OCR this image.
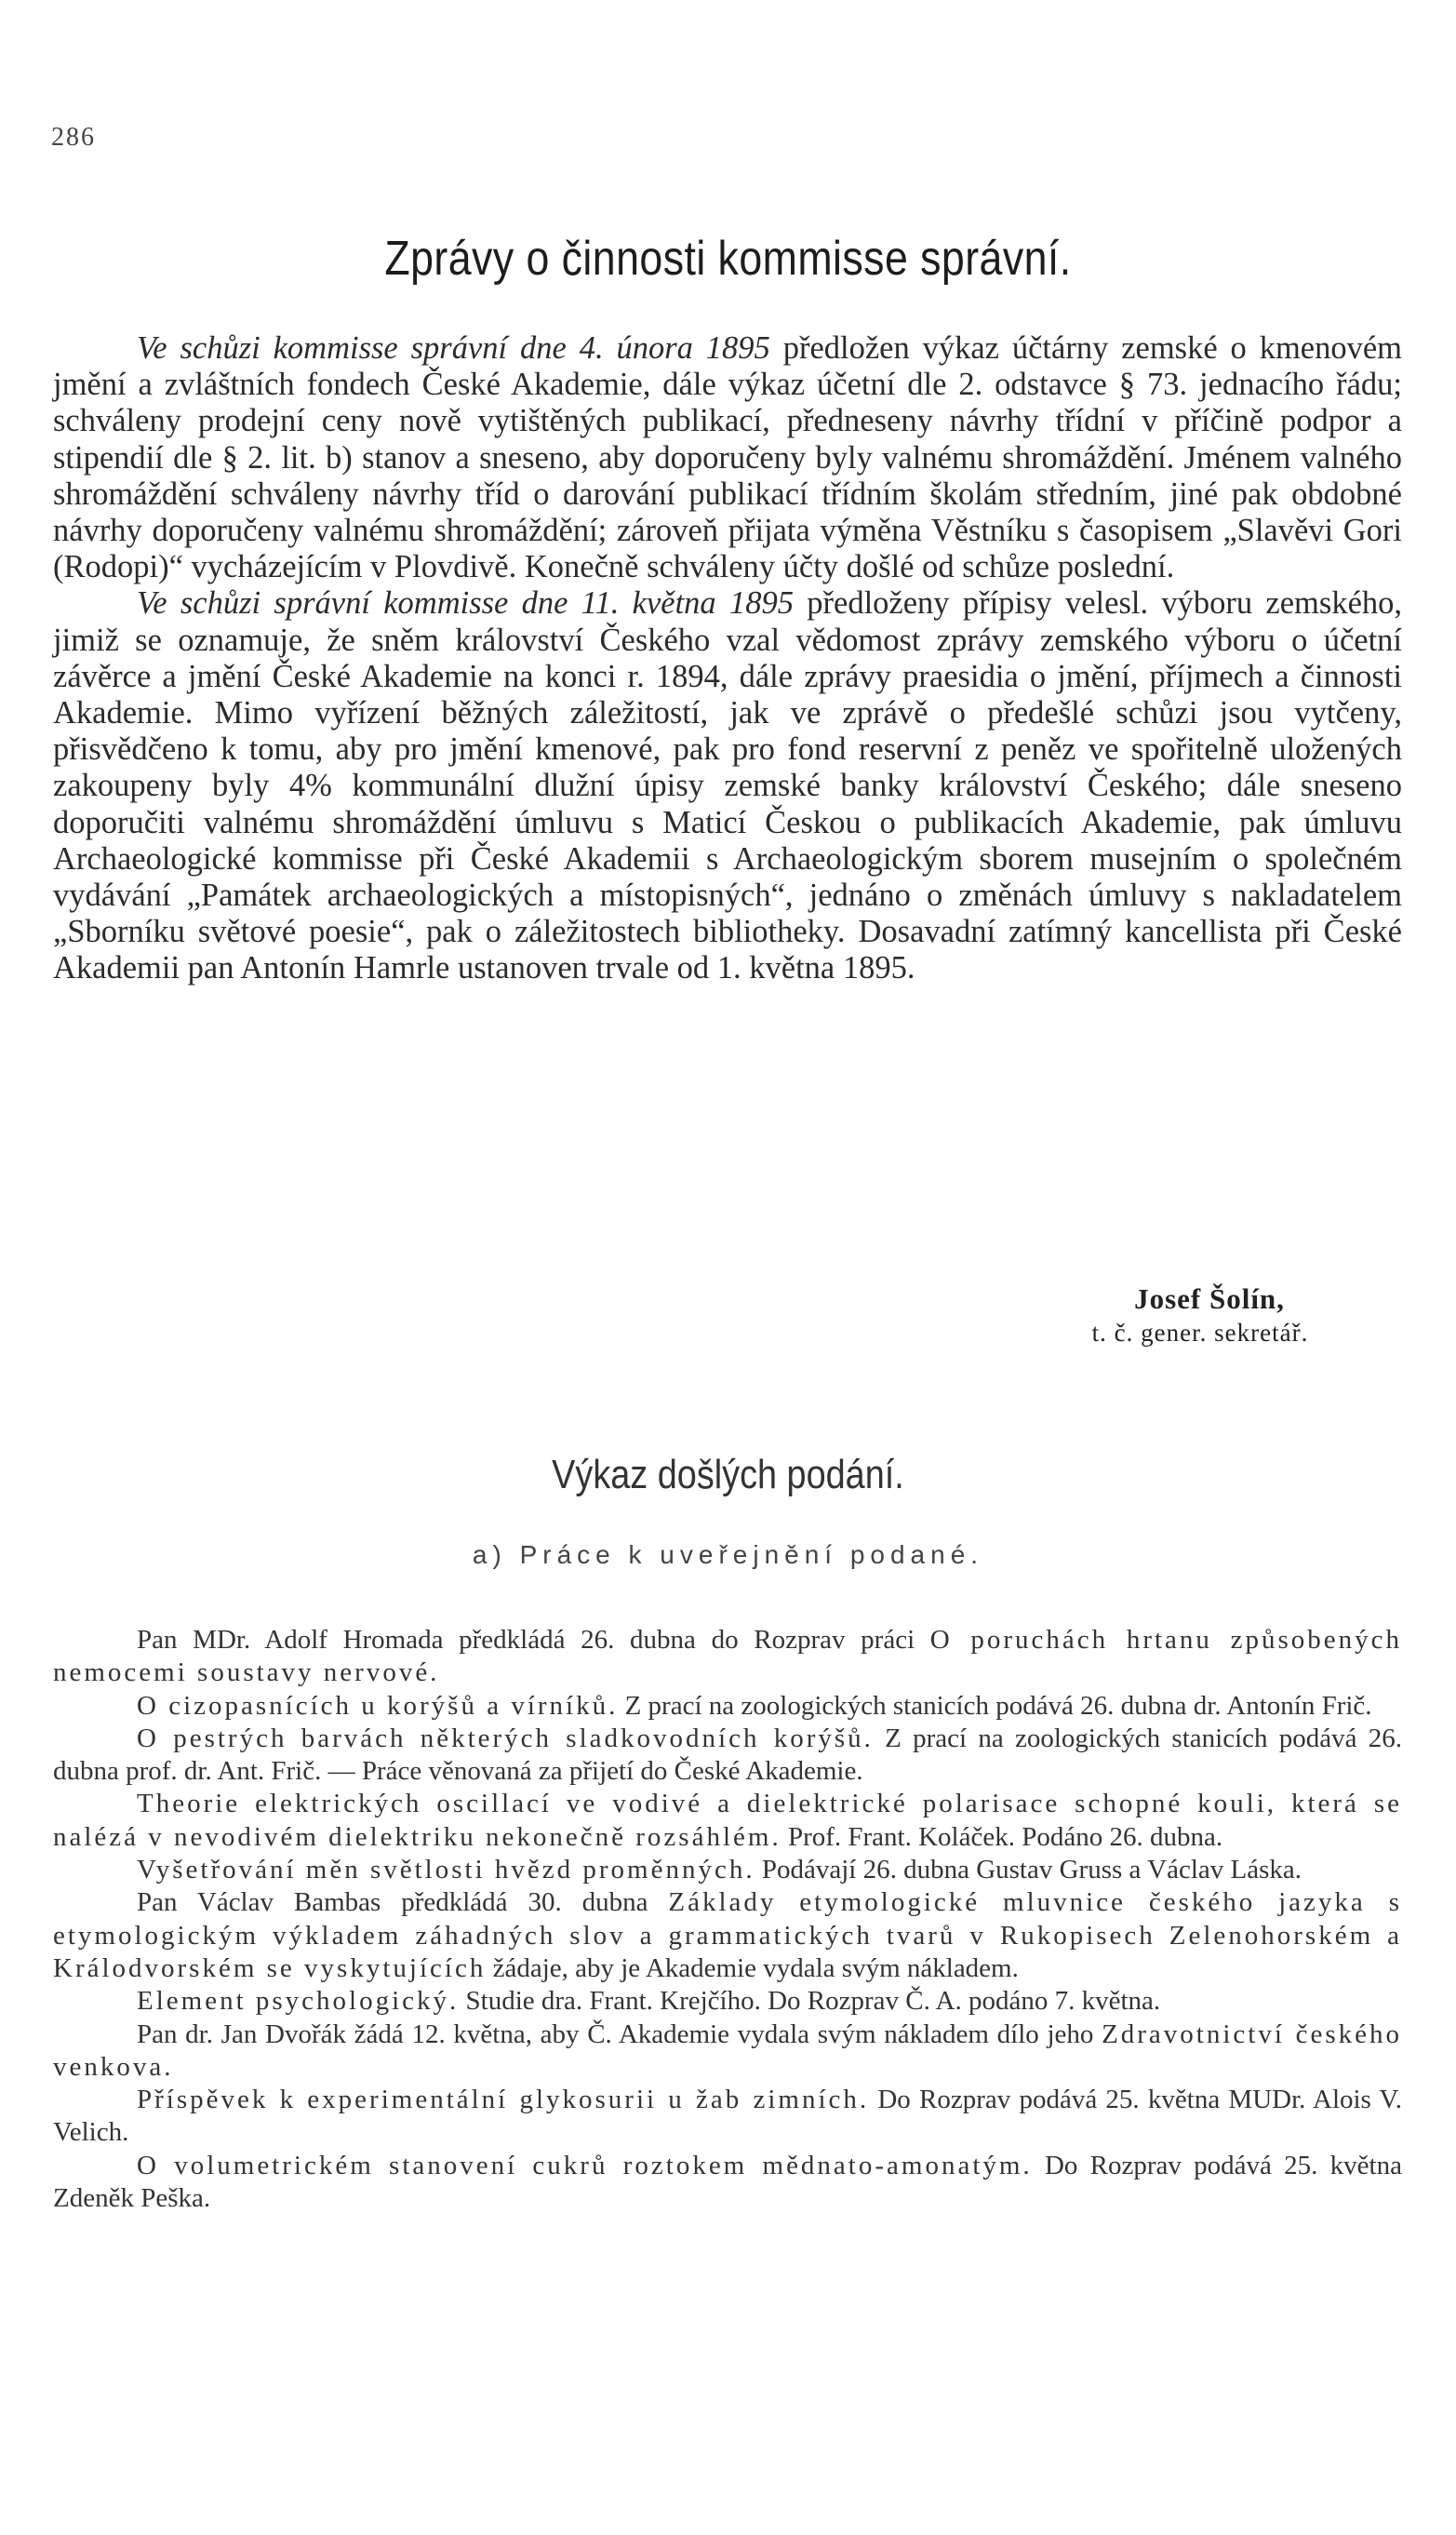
286
Zprávy o činnosti kommisse správní.

Ve schůzi kommisse správní dne 4. února 1895 předložen výkaz účtárny zemské o kmenovém jmění a zvláštních fondech České Akademie, dále výkaz účetní dle 2. odstavce § 73. jednacího řádu; schváleny prodejní ceny nově vytištěných publikací, předneseny návrhy třídní v příčině podpor a stipendií dle § 2. lit. b) stanov a sneseno, aby doporučeny byly valnému shromáždění. Jménem valného shromáždění schváleny návrhy tříd o darování publikací třídním školám středním, jiné pak obdobné návrhy doporučeny valnému shromáždění; zároveň přijata výměna Věstníku s časopisem „Slavěvi Gori (Rodopi)“ vycházejícím v Plovdivě. Konečně schváleny účty došlé od schůze poslední.

Ve schůzi správní kommisse dne 11. května 1895 předloženy přípisy velesl. výboru zemského, jimiž se oznamuje, že sněm království Českého vzal vědomost zprávy zemského výboru o účetní závěrce a jmění České Akademie na konci r. 1894, dále zprávy praesidia o jmění, příjmech a činnosti Akademie. Mimo vyřízení běžných záležitostí, jak ve zprávě o předešlé schůzi jsou vytčeny, přisvědčeno k tomu, aby pro jmění kmenové, pak pro fond reservní z peněz ve spořitelně uložených zakoupeny byly 4% kommunální dlužní úpisy zemské banky království Českého; dále sneseno doporučiti valnému shromáždění úmluvu s Maticí Českou o publikacích Akademie, pak úmluvu Archaeologické kommisse při České Akademii s Archaeologickým sborem musejním o společném vydávání „Památek archaeologických a místopisných“, jednáno o změnách úmluvy s nakladatelem „Sborníku světové poesie“, pak o záležitostech bibliotheky. Dosavadní zatímný kancellista při České Akademii pan Antonín Hamrle ustanoven trvale od 1. května 1895.

Josef Šolín,
t. č. gener. sekretář.
Výkaz došlých podání.
a) Práce k uveřejnění podané.

Pan MDr. Adolf Hromada předkládá 26. dubna do Rozprav práci O poruchách hrtanu způsobených nemocemi soustavy nervové.

O cizopasnících u korýšů a vírníků. Z prací na zoologických stanicích podává 26. dubna dr. Antonín Frič.

O pestrých barvách některých sladkovodních korýšů. Z prací na zoologických stanicích podává 26. dubna prof. dr. Ant. Frič. — Práce věnovaná za přijetí do České Akademie.

Theorie elektrických oscillací ve vodivé a dielektrické polarisace schopné kouli, která se nalézá v nevodivém dielektriku nekonečně rozsáhlém. Prof. Frant. Koláček. Podáno 26. dubna.

Vyšetřování měn světlosti hvězd proměnných. Podávají 26. dubna Gustav Gruss a Václav Láska.

Pan Václav Bambas předkládá 30. dubna Základy etymologické mluvnice českého jazyka s etymologickým výkladem záhadných slov a grammatických tvarů v Rukopisech Zelenohorském a Králodvorském se vyskytujících žádaje, aby je Akademie vydala svým nákladem.

Element psychologický. Studie dra. Frant. Krejčího. Do Rozprav Č. A. podáno 7. května.

Pan dr. Jan Dvořák žádá 12. května, aby Č. Akademie vydala svým nákladem dílo jeho Zdravotnictví českého venkova.

Příspěvek k experimentální glykosurii u žab zimních. Do Rozprav podává 25. května MUDr. Alois V. Velich.

O volumetrickém stanovení cukrů roztokem mědnato-amonatým. Do Rozprav podává 25. května Zdeněk Peška.
